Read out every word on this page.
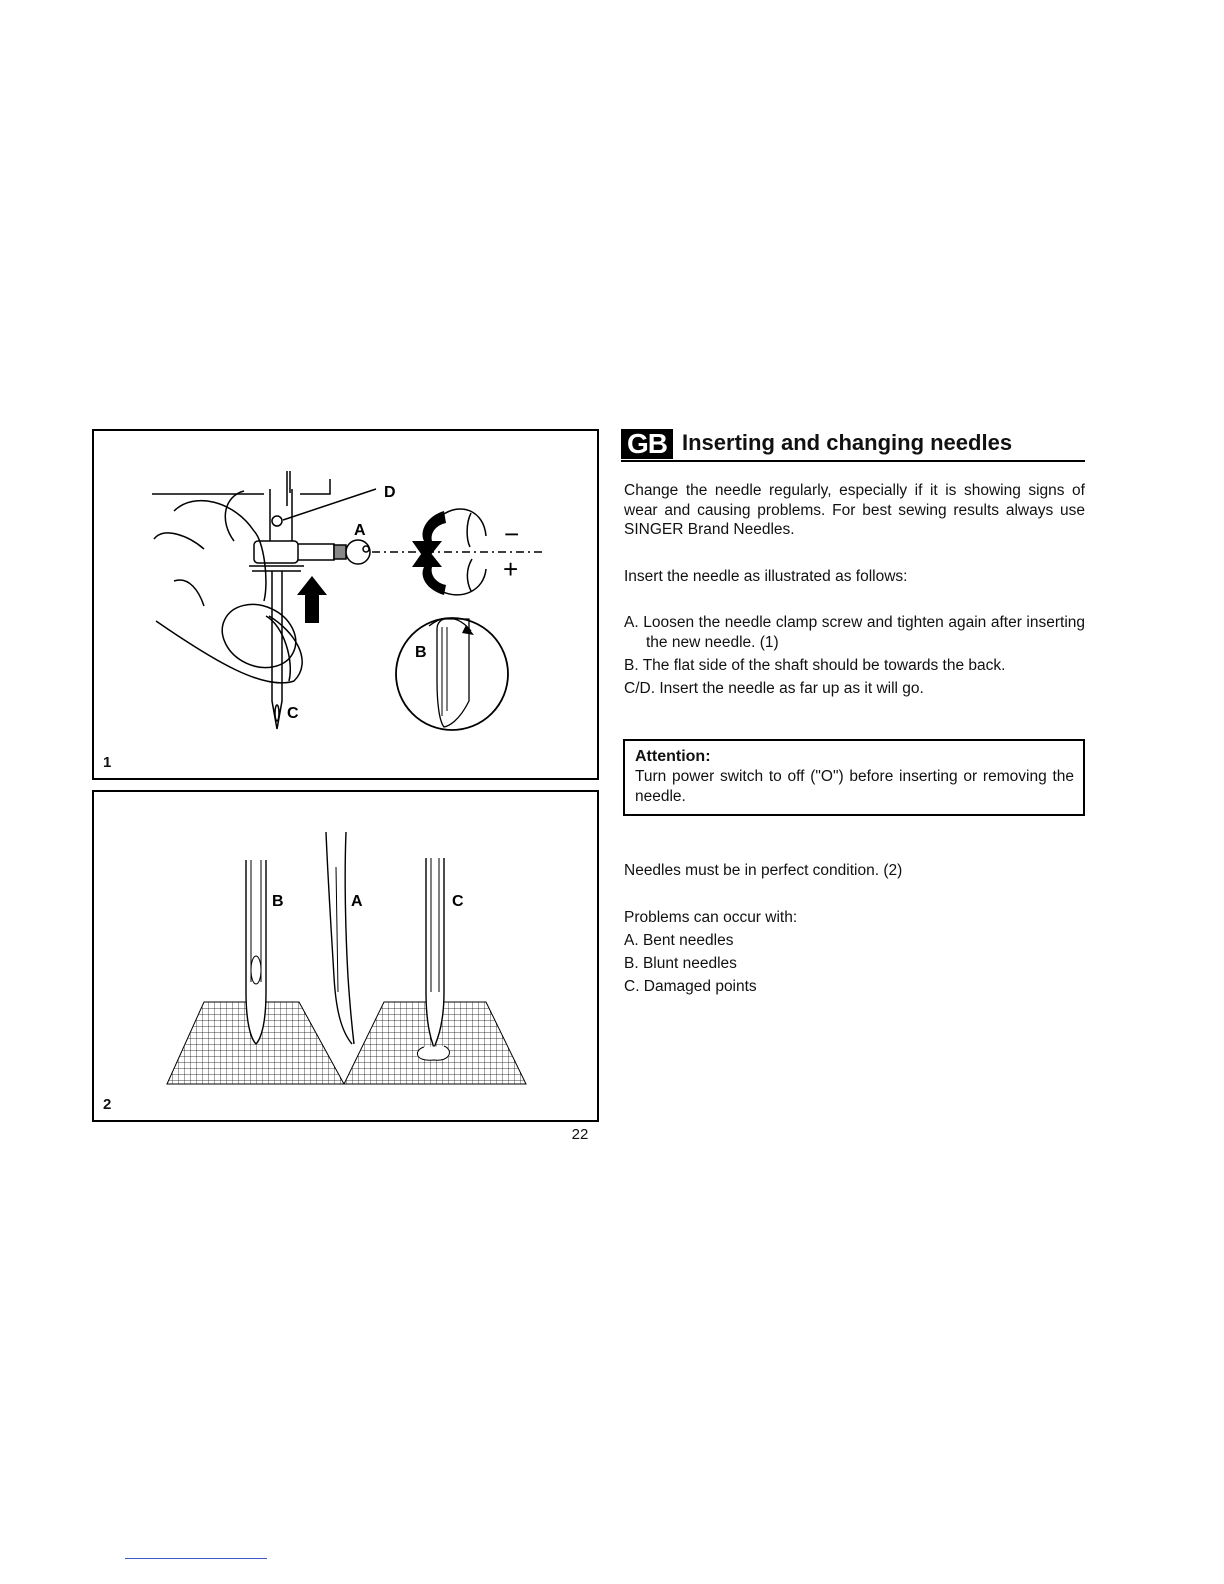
D
A
C
B
−
+
1
B	A	C
2
22
GB Inserting and changing needles

Change the needle regularly, especially if it is showing signs of wear and causing problems. For best sewing results always use SINGER Brand Needles.

Insert the needle as illustrated as follows:

A. Loosen the needle clamp screw and tighten again after inserting the new needle. (1)
B. The flat side of the shaft should be towards the back.
C/D. Insert the needle as far up as it will go.
Attention:
Turn power switch to off ("O") before inserting or removing the needle.

Needles must be in perfect condition. (2)

Problems can occur with:

A. Bent needles
B. Blunt needles
C. Damaged points
